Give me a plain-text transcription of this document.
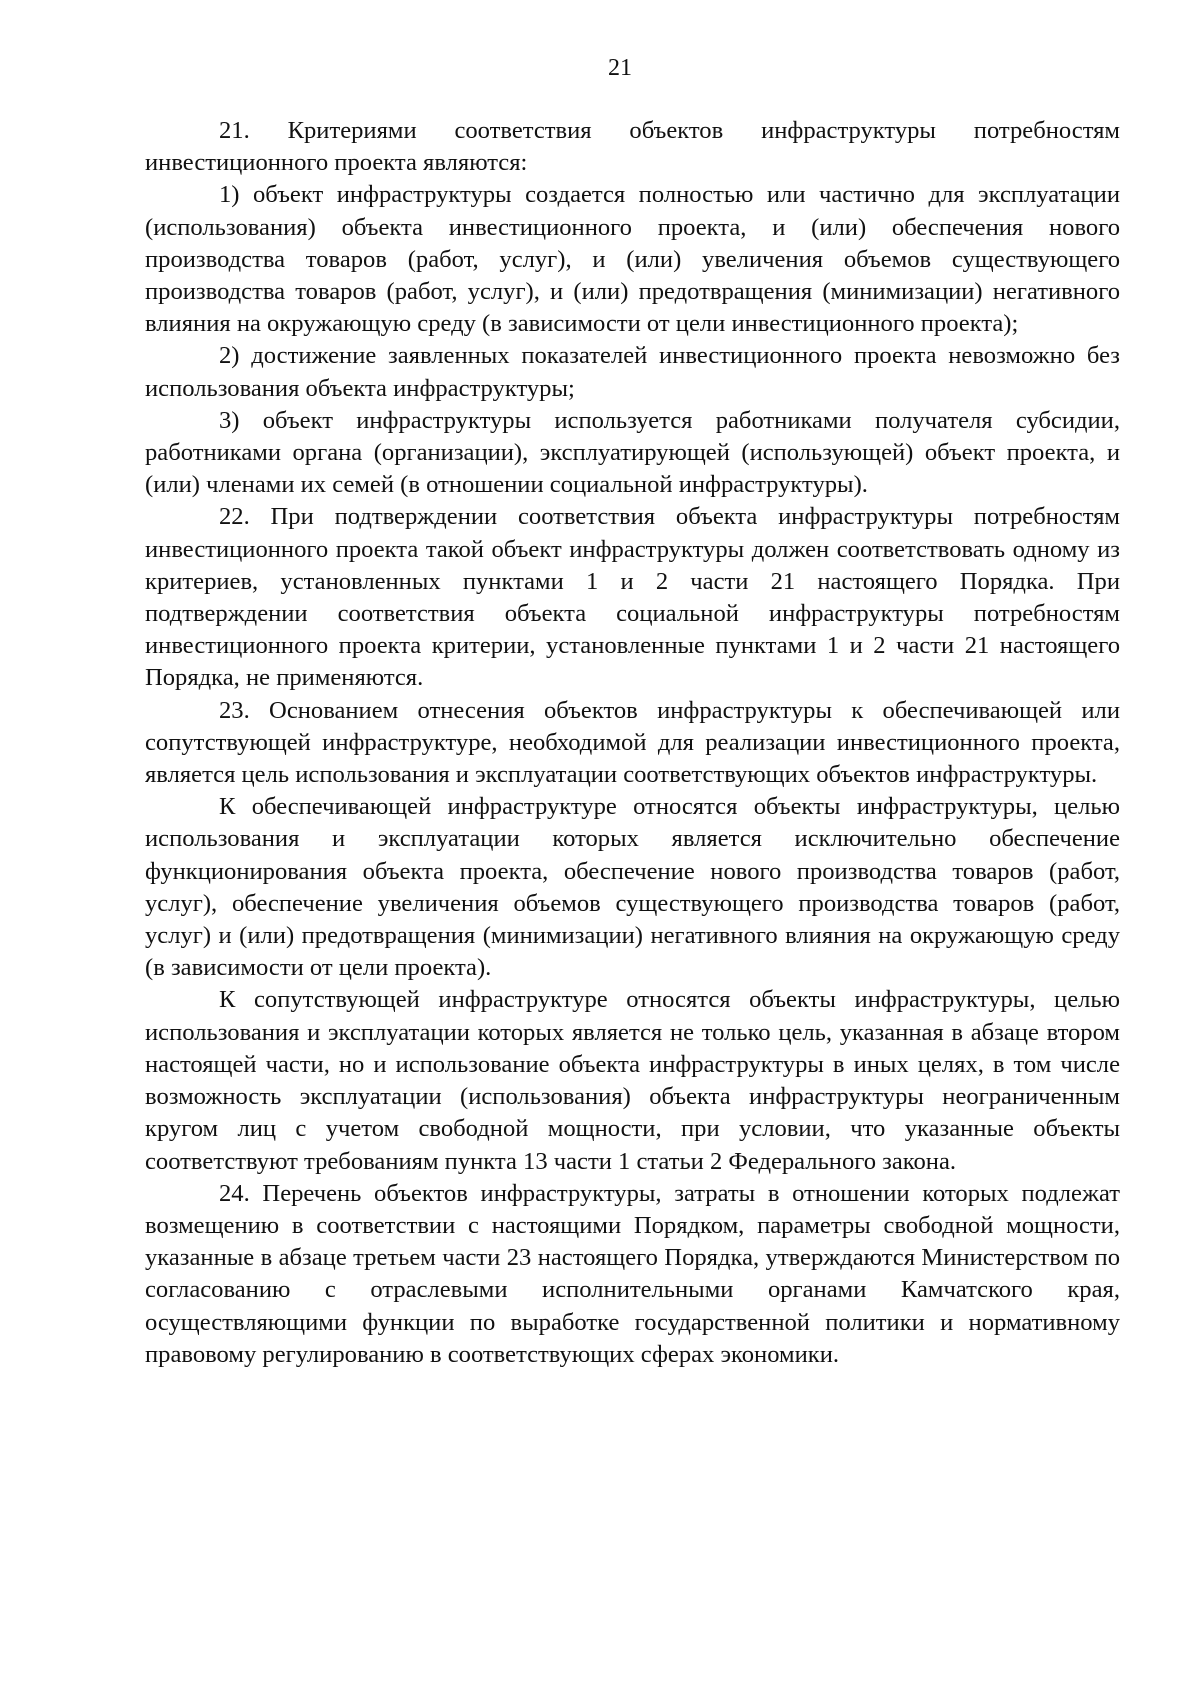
21

21. Критериями соответствия объектов инфраструктуры потребностям инвестиционного проекта являются:

1) объект инфраструктуры создается полностью или частично для эксплуатации (использования) объекта инвестиционного проекта, и (или) обеспечения нового производства товаров (работ, услуг), и (или) увеличения объемов существующего производства товаров (работ, услуг), и (или) предотвращения (минимизации) негативного влияния на окружающую среду (в зависимости от цели инвестиционного проекта);

2) достижение заявленных показателей инвестиционного проекта невозможно без использования объекта инфраструктуры;

3) объект инфраструктуры используется работниками получателя субсидии, работниками органа (организации), эксплуатирующей (использующей) объект проекта, и (или) членами их семей (в отношении социальной инфраструктуры).

22. При подтверждении соответствия объекта инфраструктуры потребностям инвестиционного проекта такой объект инфраструктуры должен соответствовать одному из критериев, установленных пунктами 1 и 2 части 21 настоящего Порядка. При подтверждении соответствия объекта социальной инфраструктуры потребностям инвестиционного проекта критерии, установленные пунктами 1 и 2 части 21 настоящего Порядка, не применяются.

23. Основанием отнесения объектов инфраструктуры к обеспечивающей или сопутствующей инфраструктуре, необходимой для реализации инвестиционного проекта, является цель использования и эксплуатации соответствующих объектов инфраструктуры.

К обеспечивающей инфраструктуре относятся объекты инфраструктуры, целью использования и эксплуатации которых является исключительно обеспечение функционирования объекта проекта, обеспечение нового производства товаров (работ, услуг), обеспечение увеличения объемов существующего производства товаров (работ, услуг) и (или) предотвращения (минимизации) негативного влияния на окружающую среду (в зависимости от цели проекта).

К сопутствующей инфраструктуре относятся объекты инфраструктуры, целью использования и эксплуатации которых является не только цель, указанная в абзаце втором настоящей части, но и использование объекта инфраструктуры в иных целях, в том числе возможность эксплуатации (использования) объекта инфраструктуры неограниченным кругом лиц с учетом свободной мощности, при условии, что указанные объекты соответствуют требованиям пункта 13 части 1 статьи 2 Федерального закона.

24. Перечень объектов инфраструктуры, затраты в отношении которых подлежат возмещению в соответствии с настоящими Порядком, параметры свободной мощности, указанные в абзаце третьем части 23 настоящего Порядка, утверждаются Министерством по согласованию с отраслевыми исполнительными органами Камчатского края, осуществляющими функции по выработке государственной политики и нормативному правовому регулированию в соответствующих сферах экономики.
